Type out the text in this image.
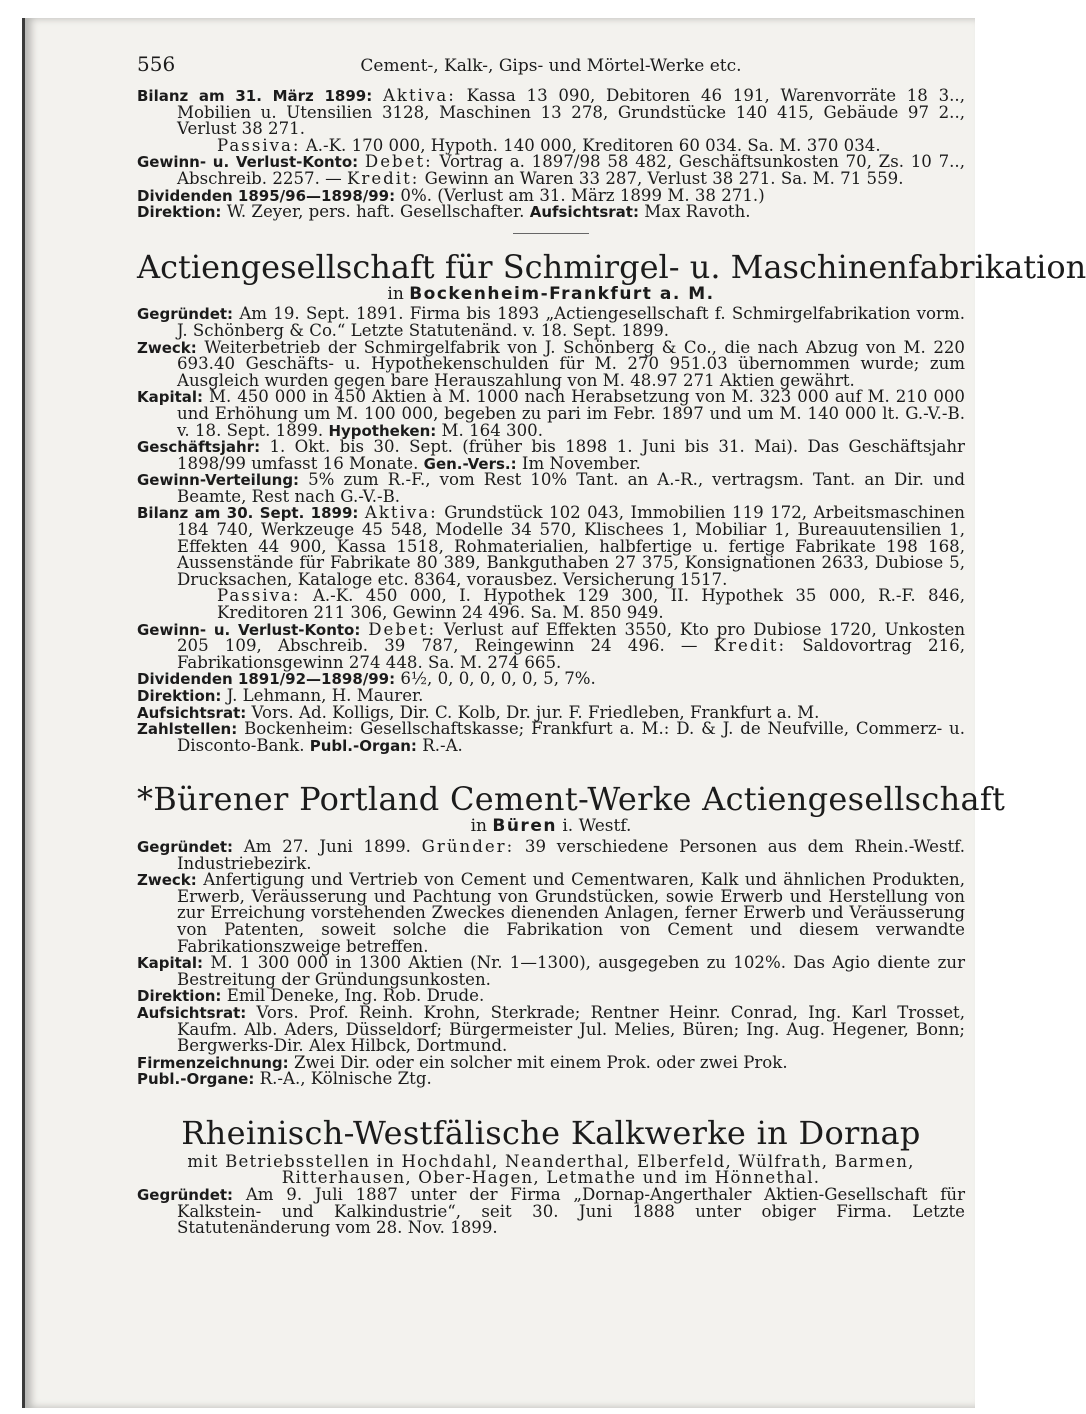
556	Cement-, Kalk-, Gips- und Mörtel-Werke etc.

Bilanz am 31. März 1899: Aktiva: Kassa 13 090, Debitoren 46 191, Warenvorräte 18 3.., Mobilien u. Utensilien 3128, Maschinen 13 278, Grundstücke 140 415, Gebäude 97 2.., Verlust 38 271.

Passiva: A.-K. 170 000, Hypoth. 140 000, Kreditoren 60 034. Sa. M. 370 034.

Gewinn- u. Verlust-Konto: Debet: Vortrag a. 1897/98 58 482, Geschäftsunkosten 70, Zs. 10 7.., Abschreib. 2257. — Kredit: Gewinn an Waren 33 287, Verlust 38 271. Sa. M. 71 559.

Dividenden 1895/96—1898/99: 0%. (Verlust am 31. März 1899 M. 38 271.)

Direktion: W. Zeyer, pers. haft. Gesellschafter. Aufsichtsrat: Max Ravoth.

Actiengesellschaft für Schmirgel- u. Maschinenfabrikation
in Bockenheim-Frankfurt a. M.

Gegründet: Am 19. Sept. 1891. Firma bis 1893 „Actiengesellschaft f. Schmirgelfabrikation vorm. J. Schönberg & Co.“ Letzte Statutenänd. v. 18. Sept. 1899.

Zweck: Weiterbetrieb der Schmirgelfabrik von J. Schönberg & Co., die nach Abzug von M. 220 693.40 Geschäfts- u. Hypothekenschulden für M. 270 951.03 übernommen wurde; zum Ausgleich wurden gegen bare Herauszahlung von M. 48.97 271 Aktien gewährt.

Kapital: M. 450 000 in 450 Aktien à M. 1000 nach Herabsetzung von M. 323 000 auf M. 210 000 und Erhöhung um M. 100 000, begeben zu pari im Febr. 1897 und um M. 140 000 lt. G.-V.-B. v. 18. Sept. 1899. Hypotheken: M. 164 300.

Geschäftsjahr: 1. Okt. bis 30. Sept. (früher bis 1898 1. Juni bis 31. Mai). Das Geschäftsjahr 1898/99 umfasst 16 Monate. Gen.-Vers.: Im November.

Gewinn-Verteilung: 5% zum R.-F., vom Rest 10% Tant. an A.-R., vertragsm. Tant. an Dir. und Beamte, Rest nach G.-V.-B.

Bilanz am 30. Sept. 1899: Aktiva: Grundstück 102 043, Immobilien 119 172, Arbeitsmaschinen 184 740, Werkzeuge 45 548, Modelle 34 570, Klischees 1, Mobiliar 1, Bureauutensilien 1, Effekten 44 900, Kassa 1518, Rohmaterialien, halbfertige u. fertige Fabrikate 198 168, Aussenstände für Fabrikate 80 389, Bankguthaben 27 375, Konsignationen 2633, Dubiose 5, Drucksachen, Kataloge etc. 8364, vorausbez. Versicherung 1517.

Passiva: A.-K. 450 000, I. Hypothek 129 300, II. Hypothek 35 000, R.-F. 846, Kreditoren 211 306, Gewinn 24 496. Sa. M. 850 949.

Gewinn- u. Verlust-Konto: Debet: Verlust auf Effekten 3550, Kto pro Dubiose 1720, Unkosten 205 109, Abschreib. 39 787, Reingewinn 24 496. — Kredit: Saldovortrag 216, Fabrikationsgewinn 274 448. Sa. M. 274 665.

Dividenden 1891/92—1898/99: 6½, 0, 0, 0, 0, 0, 5, 7%.

Direktion: J. Lehmann, H. Maurer.

Aufsichtsrat: Vors. Ad. Kolligs, Dir. C. Kolb, Dr. jur. F. Friedleben, Frankfurt a. M.

Zahlstellen: Bockenheim: Gesellschaftskasse; Frankfurt a. M.: D. & J. de Neufville, Commerz- u. Disconto-Bank. Publ.-Organ: R.-A.

*Bürener Portland Cement-Werke Actiengesellschaft
in Büren i. Westf.

Gegründet: Am 27. Juni 1899. Gründer: 39 verschiedene Personen aus dem Rhein.-Westf. Industriebezirk.

Zweck: Anfertigung und Vertrieb von Cement und Cementwaren, Kalk und ähnlichen Produkten, Erwerb, Veräusserung und Pachtung von Grundstücken, sowie Erwerb und Herstellung von zur Erreichung vorstehenden Zweckes dienenden Anlagen, ferner Erwerb und Veräusserung von Patenten, soweit solche die Fabrikation von Cement und diesem verwandte Fabrikationszweige betreffen.

Kapital: M. 1 300 000 in 1300 Aktien (Nr. 1—1300), ausgegeben zu 102%. Das Agio diente zur Bestreitung der Gründungsunkosten.

Direktion: Emil Deneke, Ing. Rob. Drude.

Aufsichtsrat: Vors. Prof. Reinh. Krohn, Sterkrade; Rentner Heinr. Conrad, Ing. Karl Trosset, Kaufm. Alb. Aders, Düsseldorf; Bürgermeister Jul. Melies, Büren; Ing. Aug. Hegener, Bonn; Bergwerks-Dir. Alex Hilbck, Dortmund.

Firmenzeichnung: Zwei Dir. oder ein solcher mit einem Prok. oder zwei Prok.

Publ.-Organe: R.-A., Kölnische Ztg.

Rheinisch-Westfälische Kalkwerke in Dornap

mit Betriebsstellen in Hochdahl, Neanderthal, Elberfeld, Wülfrath, Barmen, Ritterhausen, Ober-Hagen, Letmathe und im Hönnethal.

Gegründet: Am 9. Juli 1887 unter der Firma „Dornap-Angerthaler Aktien-Gesellschaft für Kalkstein- und Kalkindustrie“, seit 30. Juni 1888 unter obiger Firma. Letzte Statutenänderung vom 28. Nov. 1899.
